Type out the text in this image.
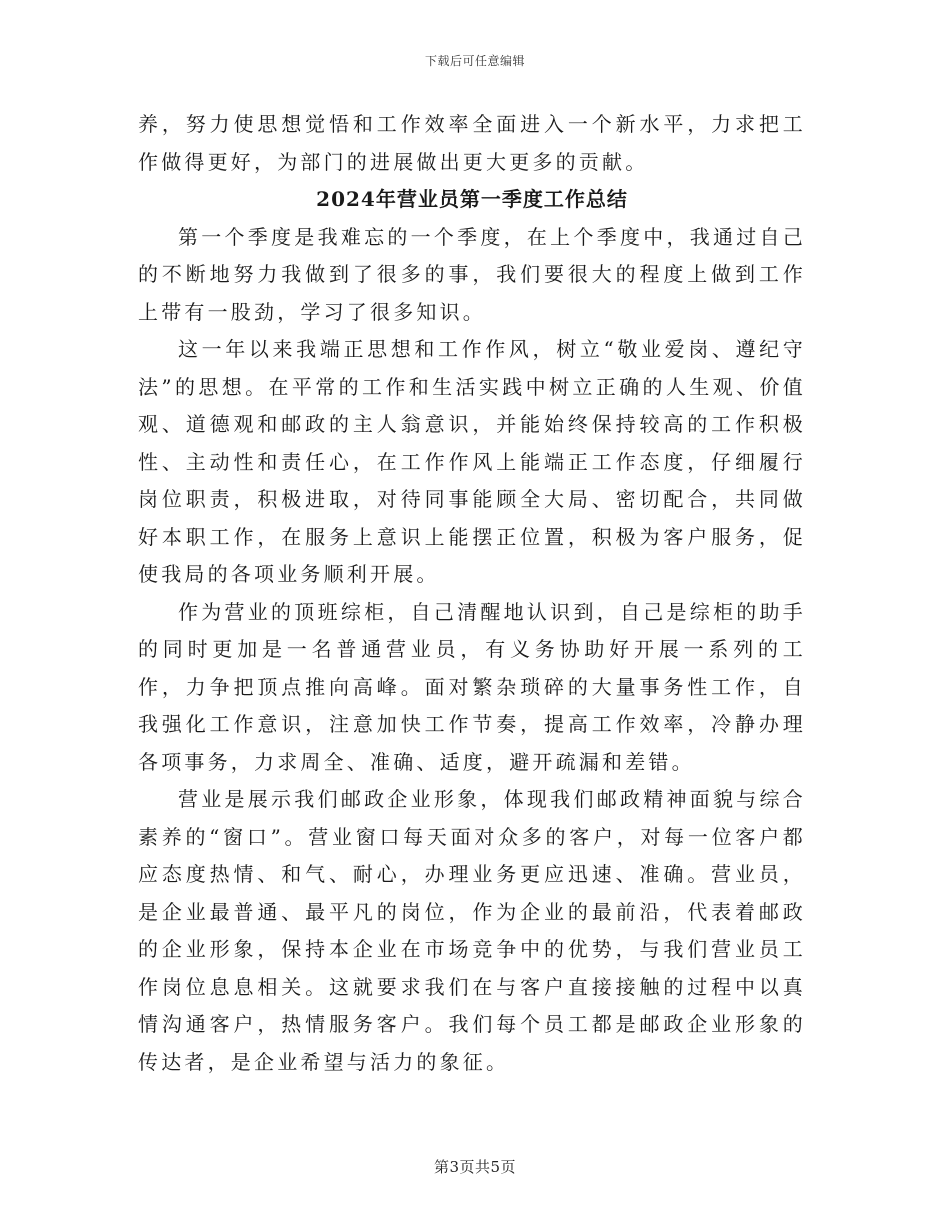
下载后可任意编辑

养，努力使思想觉悟和工作效率全面进入一个新水平，力求把工作做得更好，为部门的进展做出更大更多的贡献。

2024年营业员第一季度工作总结

第一个季度是我难忘的一个季度，在上个季度中，我通过自己的不断地努力我做到了很多的事，我们要很大的程度上做到工作上带有一股劲，学习了很多知识。

这一年以来我端正思想和工作作风，树立“敬业爱岗、遵纪守法”的思想。在平常的工作和生活实践中树立正确的人生观、价值观、道德观和邮政的主人翁意识，并能始终保持较高的工作积极性、主动性和责任心，在工作作风上能端正工作态度，仔细履行岗位职责，积极进取，对待同事能顾全大局、密切配合，共同做好本职工作，在服务上意识上能摆正位置，积极为客户服务，促使我局的各项业务顺利开展。

作为营业的顶班综柜，自己清醒地认识到，自己是综柜的助手的同时更加是一名普通营业员，有义务协助好开展一系列的工作，力争把顶点推向高峰。面对繁杂琐碎的大量事务性工作，自我强化工作意识，注意加快工作节奏，提高工作效率，冷静办理各项事务，力求周全、准确、适度，避开疏漏和差错。

营业是展示我们邮政企业形象，体现我们邮政精神面貌与综合素养的“窗口”。营业窗口每天面对众多的客户，对每一位客户都应态度热情、和气、耐心，办理业务更应迅速、准确。营业员，是企业最普通、最平凡的岗位，作为企业的最前沿，代表着邮政的企业形象，保持本企业在市场竞争中的优势，与我们营业员工作岗位息息相关。这就要求我们在与客户直接接触的过程中以真情沟通客户，热情服务客户。我们每个员工都是邮政企业形象的传达者，是企业希望与活力的象征。

第3页共5页
